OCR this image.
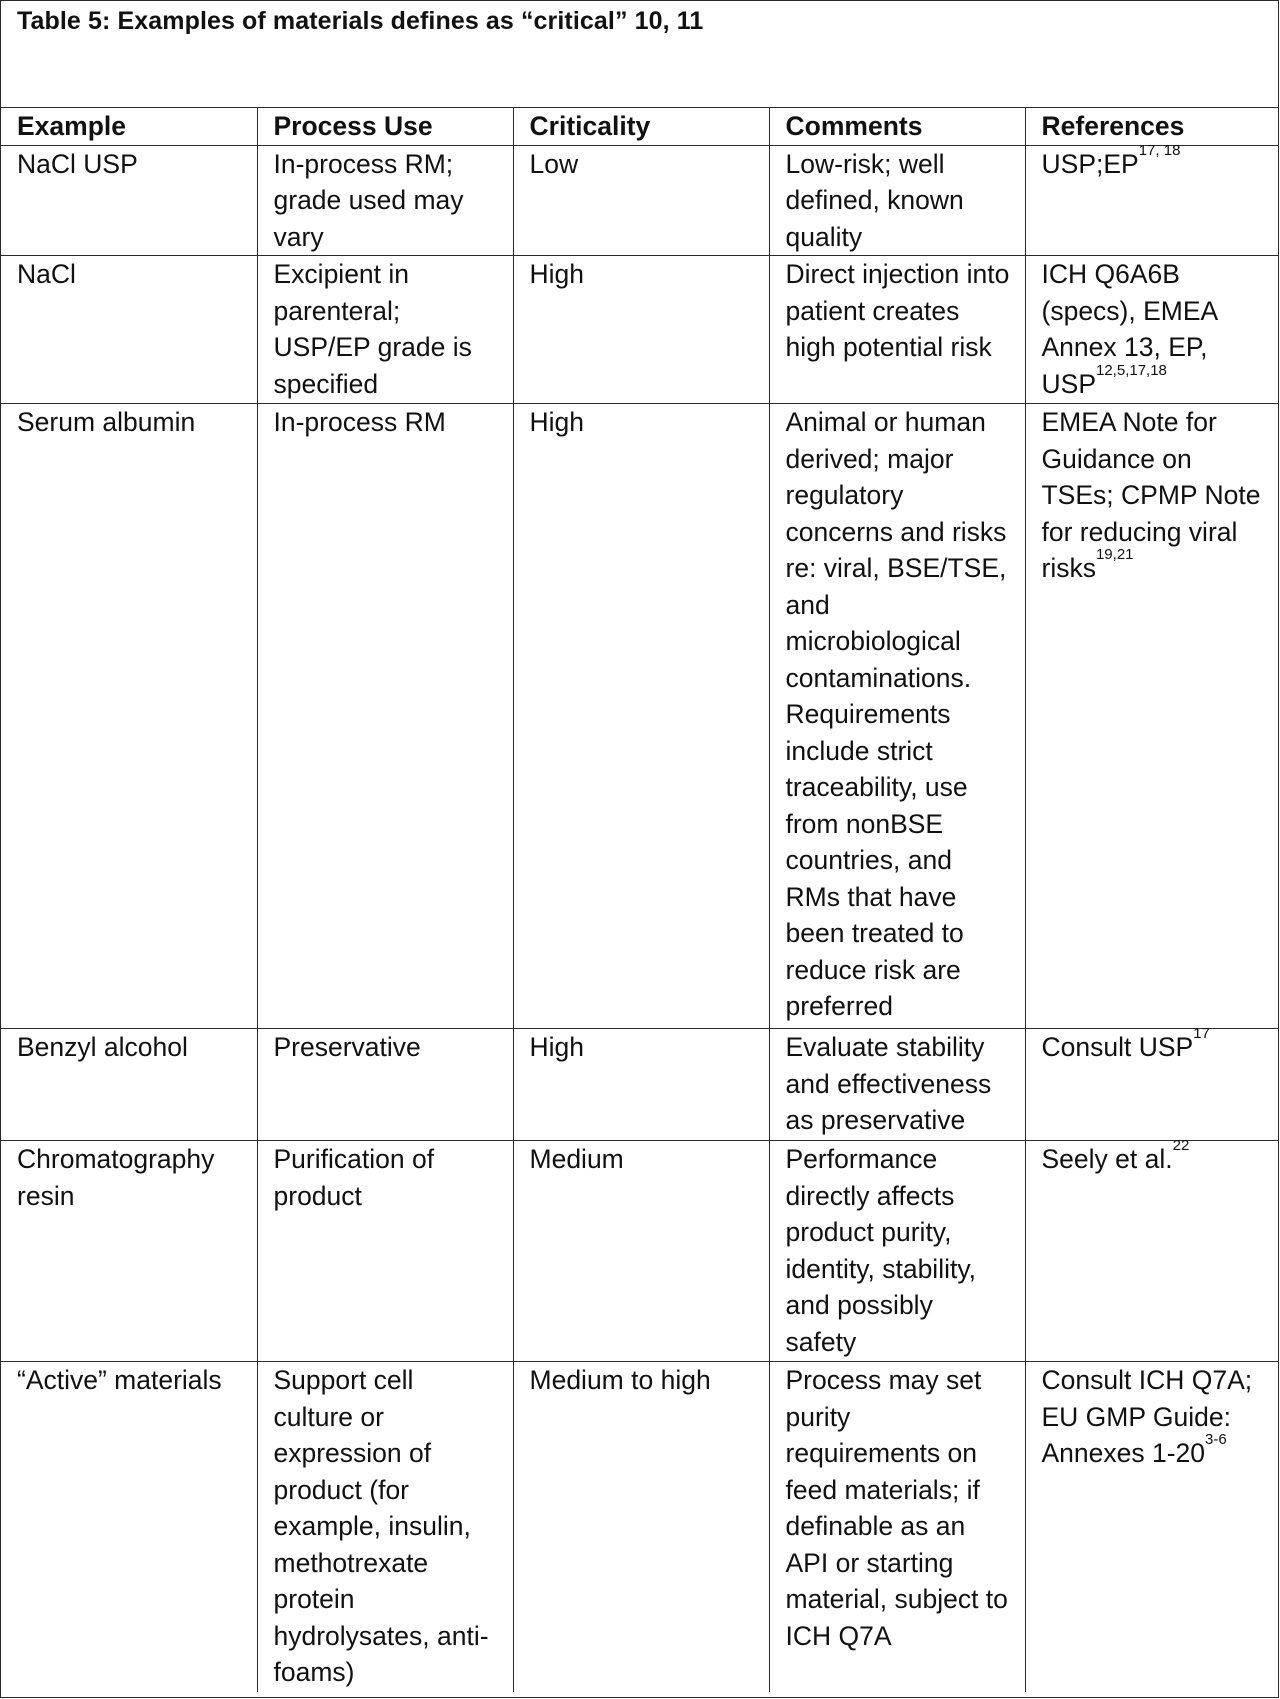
Table 5: Examples of materials defines as “critical” 10, 11
Example	Process Use	Criticality	Comments	References
NaCl USP	In-process RM; grade used may vary	Low	Low-risk; well defined, known quality	USP;EP$^{17, 18}$
NaCl	Excipient in parenteral; USP/EP grade is specified	High	Direct injection into patient creates high potential risk	ICH Q6A6B (specs), EMEA Annex 13, EP, USP$^{12,5,17,18}$
Serum albumin	In-process RM	High	Animal or human derived; major regulatory concerns and risks re: viral, BSE/TSE, and microbiological contaminations. Requirements include strict traceability, use from nonBSE countries, and RMs that have been treated to reduce risk are preferred	EMEA Note for Guidance on TSEs; CPMP Note for reducing viral risks$^{19,21}$
Benzyl alcohol	Preservative	High	Evaluate stability and effectiveness as preservative	Consult USP$^{17}$
Chromatography resin	Purification of product	Medium	Performance directly affects product purity, identity, stability, and possibly safety	Seely et al.$^{22}$
“Active” materials	Support cell culture or expression of product (for example, insulin, methotrexate protein hydrolysates, anti-foams)	Medium to high	Process may set purity requirements on feed materials; if definable as an API or starting material, subject to ICH Q7A	Consult ICH Q7A; EU GMP Guide: Annexes 1-20$^{3-6}$
